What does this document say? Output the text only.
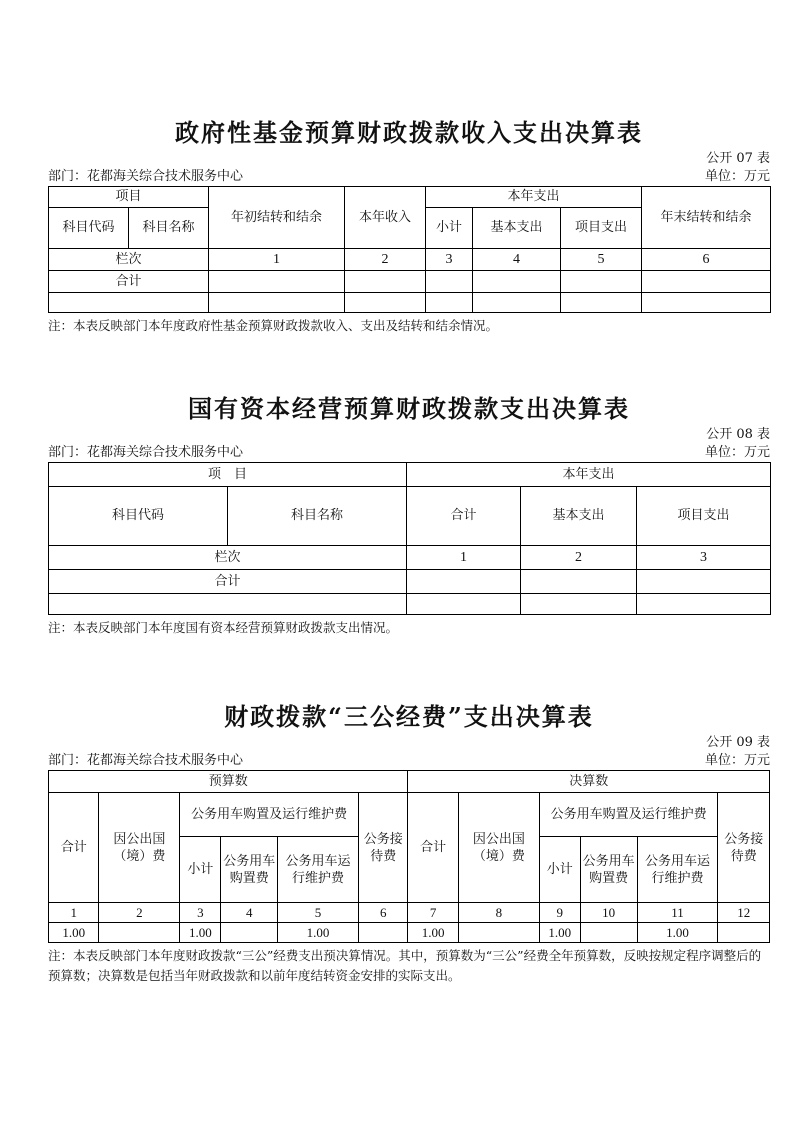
政府性基金预算财政拨款收入支出决算表
公开 07 表
部门：花都海关综合技术服务中心	单位：万元
项目		年初结转和结余	本年收入	本年支出			年末结转和结余
科目代码	科目名称			小计	基本支出	项目支出	
栏次		1	2	3	4	5	6
合计							

注：本表反映部门本年度政府性基金预算财政拨款收入、支出及结转和结余情况。
国有资本经营预算财政拨款支出决算表
公开 08 表
部门：花都海关综合技术服务中心	单位：万元
项　目		本年支出		
科目代码	科目名称	合计	基本支出	项目支出
栏次		1	2	3
合计				

注：本表反映部门本年度国有资本经营预算财政拨款支出情况。
财政拨款“三公经费”支出决算表
公开 09 表
部门：花都海关综合技术服务中心	单位：万元
预算数						决算数					
合计	因公出国（境）费	公务用车购置及运行维护费			公务接待费	合计	因公出国（境）费	公务用车购置及运行维护费			公务接待费
		小计	公务用车购置费	公务用车运行维护费				小计	公务用车购置费	公务用车运行维护费	
1	2	3	4	5	6	7	8	9	10	11	12
1.00		1.00		1.00		1.00		1.00		1.00	
注：本表反映部门本年度财政拨款“三公”经费支出预决算情况。其中，预算数为“三公”经费全年预算数，反映按规定程序调整后的预算数；决算数是包括当年财政拨款和以前年度结转资金安排的实际支出。
